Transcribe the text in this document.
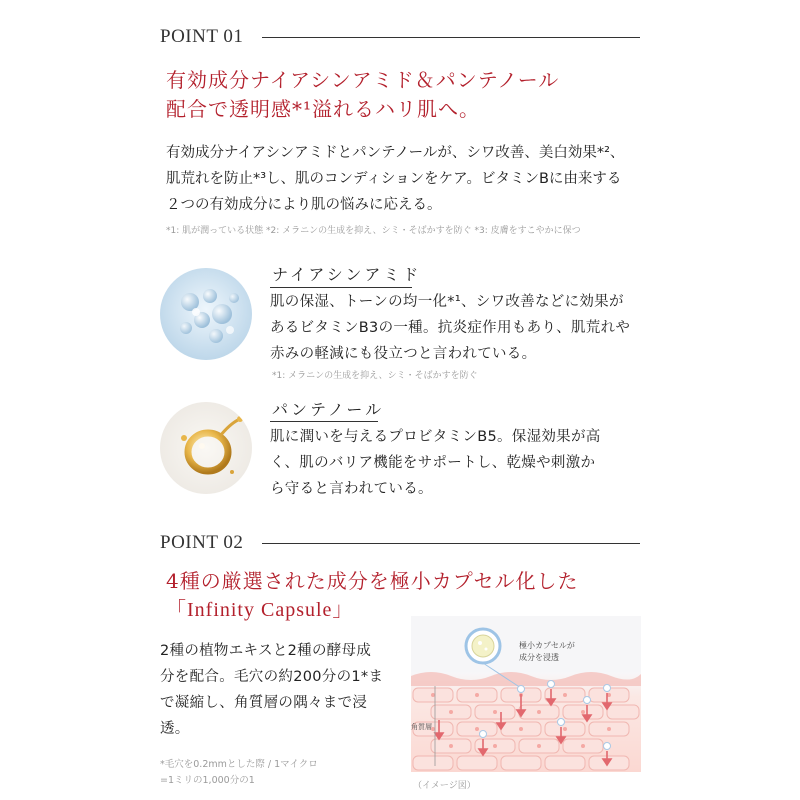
POINT 01
有効成分ナイアシンアミド＆パンテノール
配合で透明感*¹溢れるハリ肌へ。
有効成分ナイアシンアミドとパンテノールが、シワ改善、美白効果*²、
肌荒れを防止*³し、肌のコンディションをケア。ビタミンBに由来する
２つの有効成分により肌の悩みに応える。
*1: 肌が潤っている状態 *2: メラニンの生成を抑え、シミ・そばかすを防ぐ *3: 皮膚をすこやかに保つ
ナイアシンアミド
肌の保湿、トーンの均一化*¹、シワ改善などに効果が
あるビタミンB3の一種。抗炎症作用もあり、肌荒れや
赤みの軽減にも役立つと言われている。
*1: メラニンの生成を抑え、シミ・そばかすを防ぐ
パンテノール
肌に潤いを与えるプロビタミンB5。保湿効果が高
く、肌のバリア機能をサポートし、乾燥や刺激か
ら守ると言われている。
POINT 02
4種の厳選された成分を極小カプセル化した
「Infinity Capsule」
2種の植物エキスと2種の酵母成
分を配合。毛穴の約200分の1*ま
で凝縮し、角質層の隅々まで浸
透。
*毛穴を0.2mmとした際 / 1マイクロ
=1ミリの1,000分の1
極小カプセルが
成分を浸透
角質層
（イメージ図）
